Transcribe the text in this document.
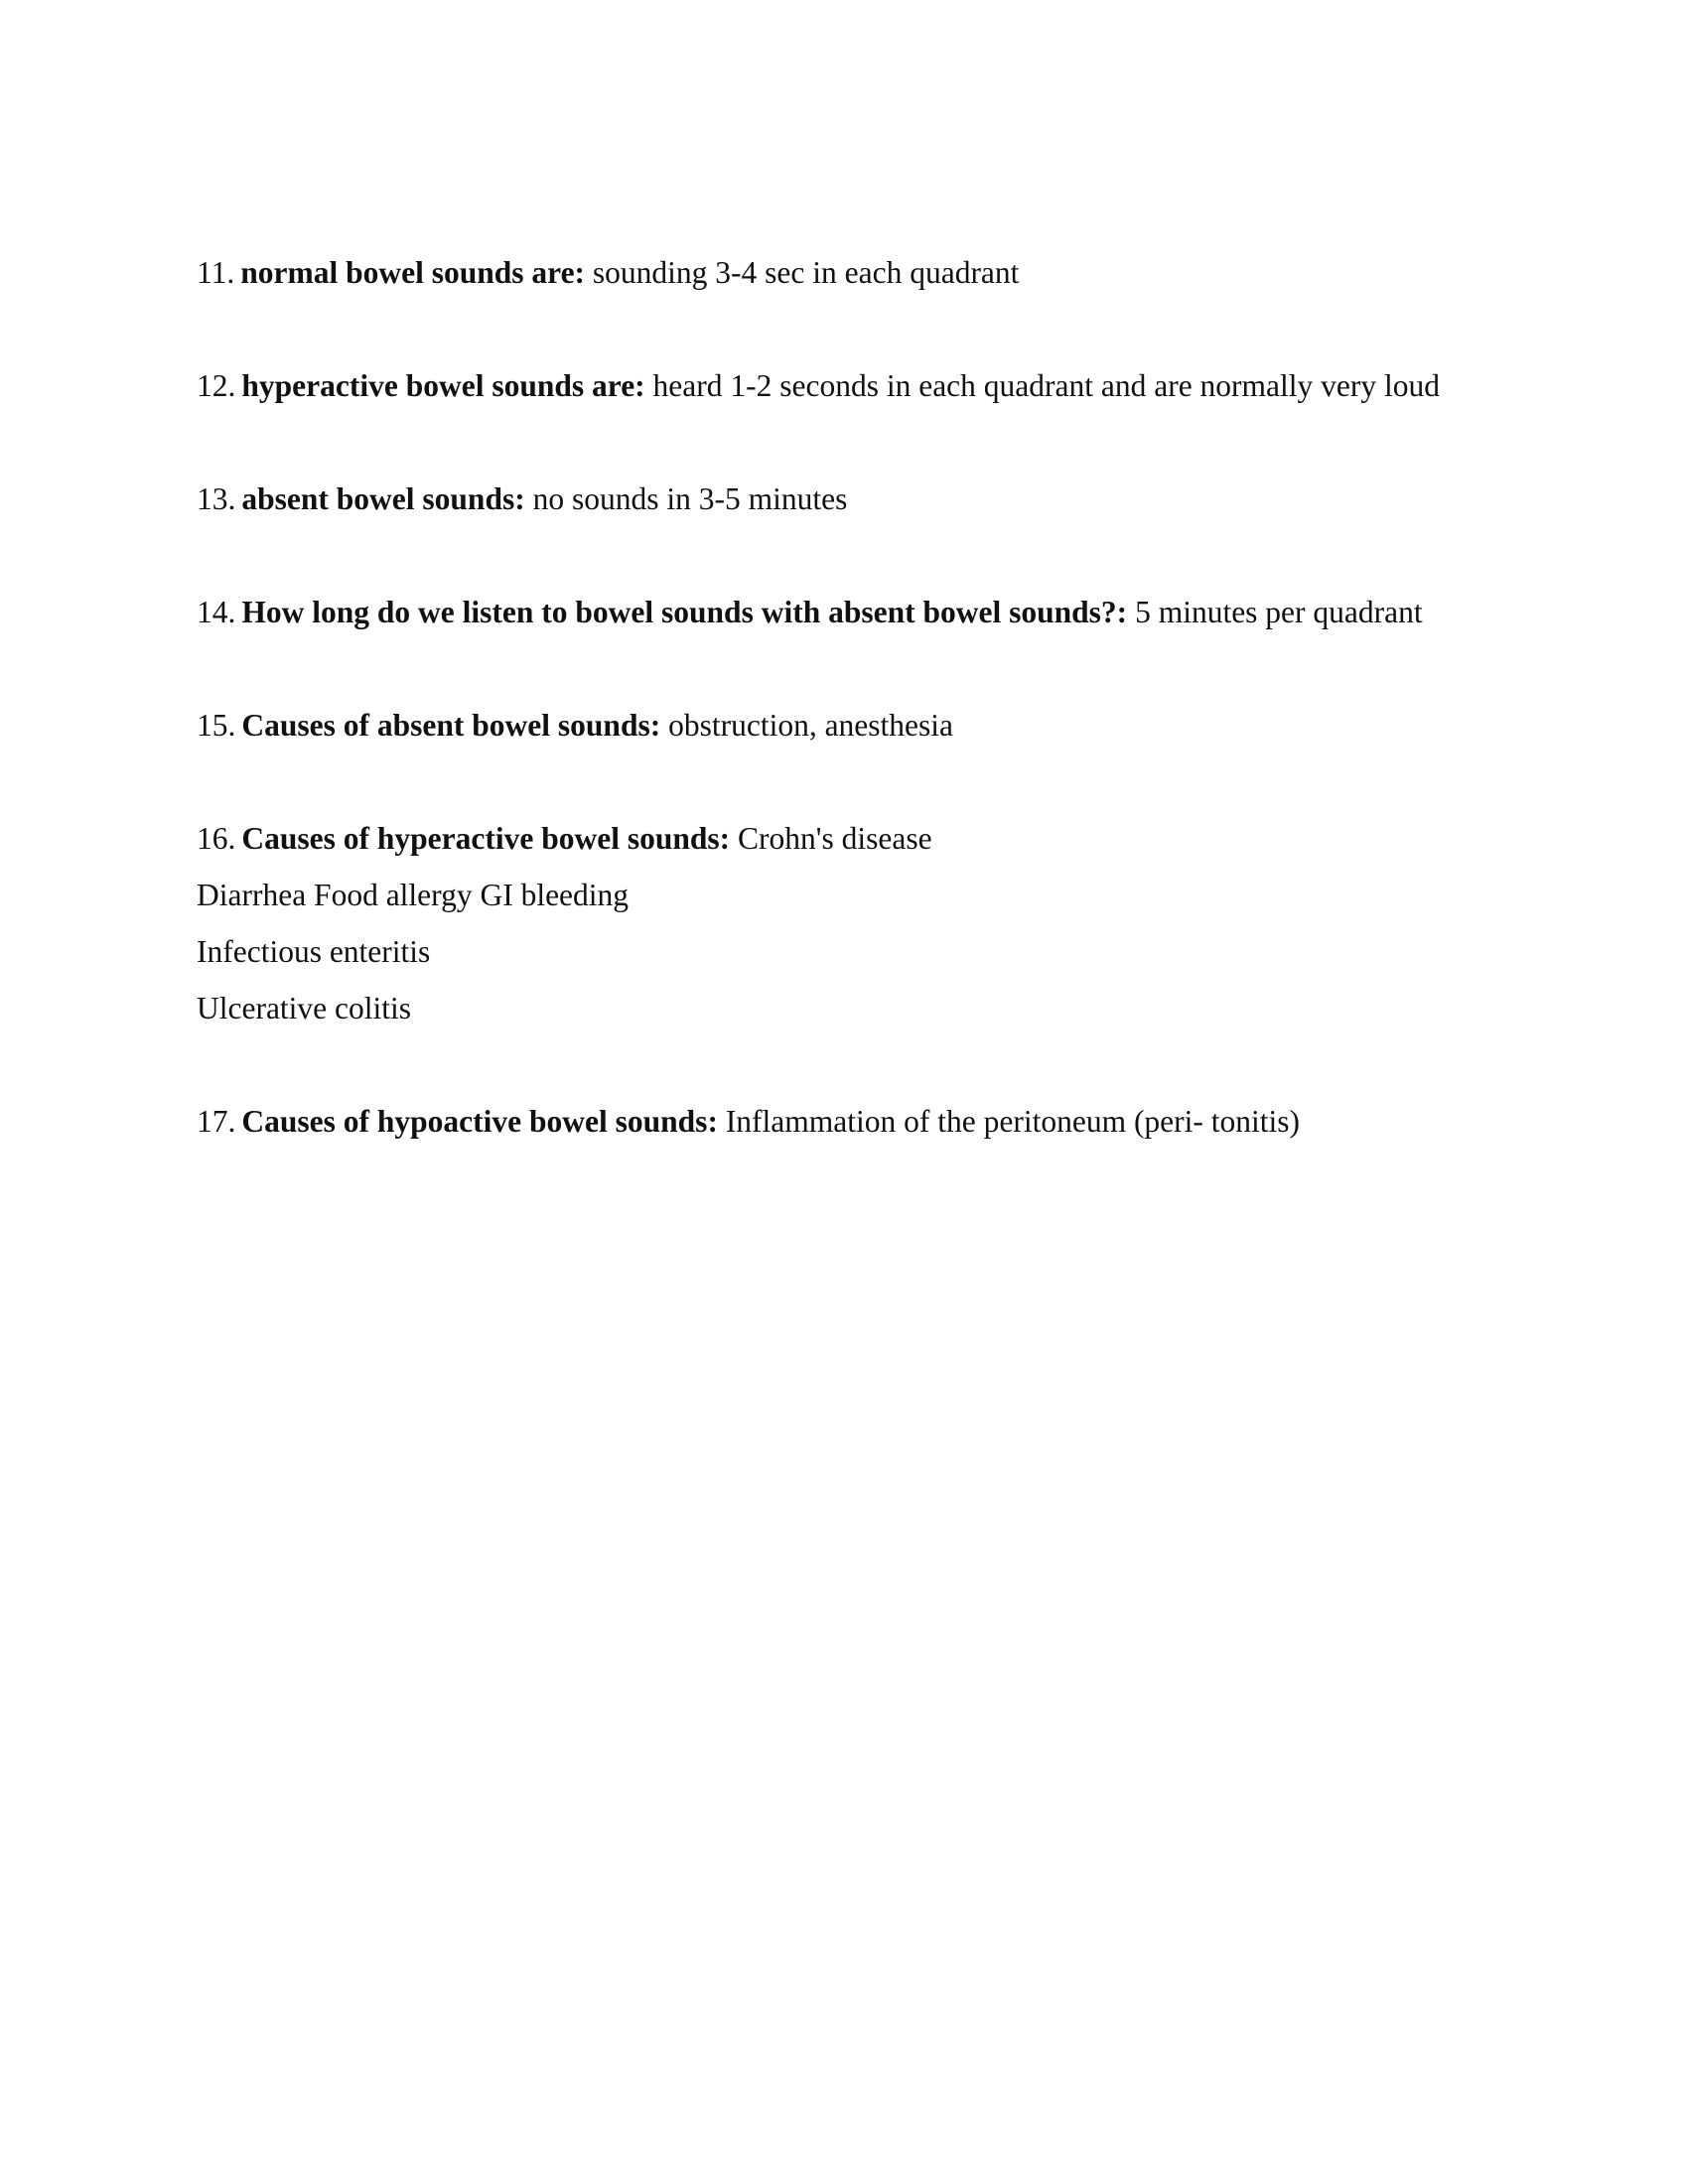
11. normal bowel sounds are: sounding 3-4 sec in each quadrant
12. hyperactive bowel sounds are: heard 1-2 seconds in each quadrant and are normally very loud
13. absent bowel sounds: no sounds in 3-5 minutes
14. How long do we listen to bowel sounds with absent bowel sounds?: 5 minutes per quadrant
15. Causes of absent bowel sounds: obstruction, anesthesia
16. Causes of hyperactive bowel sounds: Crohn's disease
Diarrhea Food allergy GI bleeding
Infectious enteritis
Ulcerative colitis
17. Causes of hypoactive bowel sounds: Inflammation of the peritoneum (peri- tonitis)
